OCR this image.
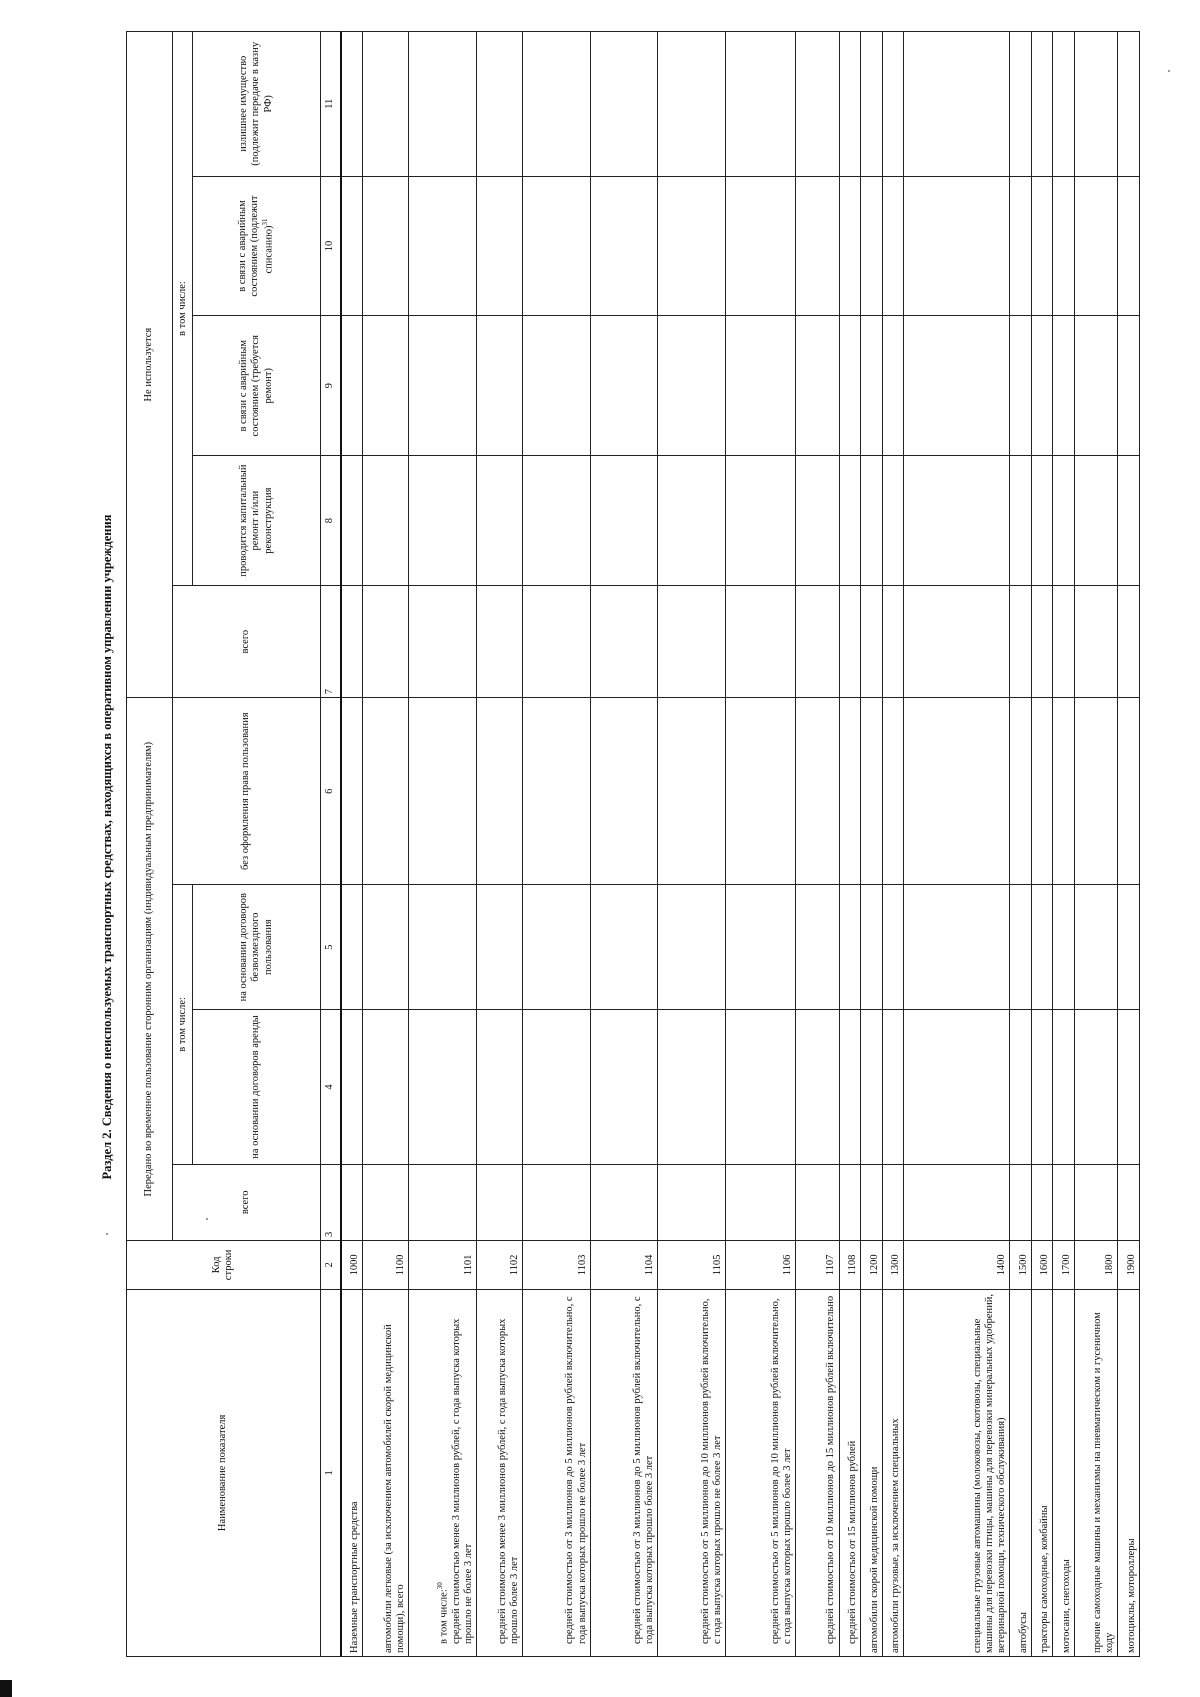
Раздел 2. Сведения о неиспользуемых транспортных средствах, находящихся в оперативном управлении учреждения
Наименование показателя	Код строки	Передано во временное пользование сторонним организациям (индивидуальным предпринимателям)				Не используется				
		всего	в том числе:		без оформления права пользования	всего	в том числе:			
			на основании договоров аренды	на основании договоров безвозмездного пользования			проводится капитальный ремонт и/или реконструкция	в связи с аварийным состоянием (требуется ремонт)	в связи с аварийным состоянием (подлежит списанию)$^{31}$	излишнее имущество (подлежит передаче в казну РФ)
1	2	3	4	5	6	7	8	9	10	11
Наземные транспортные средства	1000									
автомобили легковые (за исключением автомобилей скорой медицинской помощи), всего	1100									
в том числе:$^{30}$ средней стоимостью менее 3 миллионов рублей, с года выпуска которых прошло не более 3 лет	1101									
средней стоимостью менее 3 миллионов рублей, с года выпуска которых прошло более 3 лет	1102									
средней стоимостью от 3 миллионов до 5 миллионов рублей включительно, с года выпуска которых прошло не более 3 лет	1103									
средней стоимостью от 3 миллионов до 5 миллионов рублей включительно, с года выпуска которых прошло более 3 лет	1104									
средней стоимостью от 5 миллионов до 10 миллионов рублей включительно, с года выпуска которых прошло не более 3 лет	1105									
средней стоимостью от 5 миллионов до 10 миллионов рублей включительно, с года выпуска которых прошло более 3 лет	1106									
средней стоимостью от 10 миллионов до 15 миллионов рублей включительно	1107									
средней стоимостью от 15 миллионов рублей	1108									
автомобили скорой медицинской помощи	1200									
автомобили грузовые, за исключением специальных	1300									
специальные грузовые автомашины (молоковозы, скотовозы, специальные машины для перевозки птицы, машины для перевозки минеральных удобрений, ветеринарной помощи, технического обслуживания)	1400									
автобусы	1500									
тракторы самоходные, комбайны	1600									
мотосани, снегоходы	1700									
прочие самоходные машины и механизмы на пневматическом и гусеничном ходу	1800									
мотоциклы, мотороллеры	1900									
